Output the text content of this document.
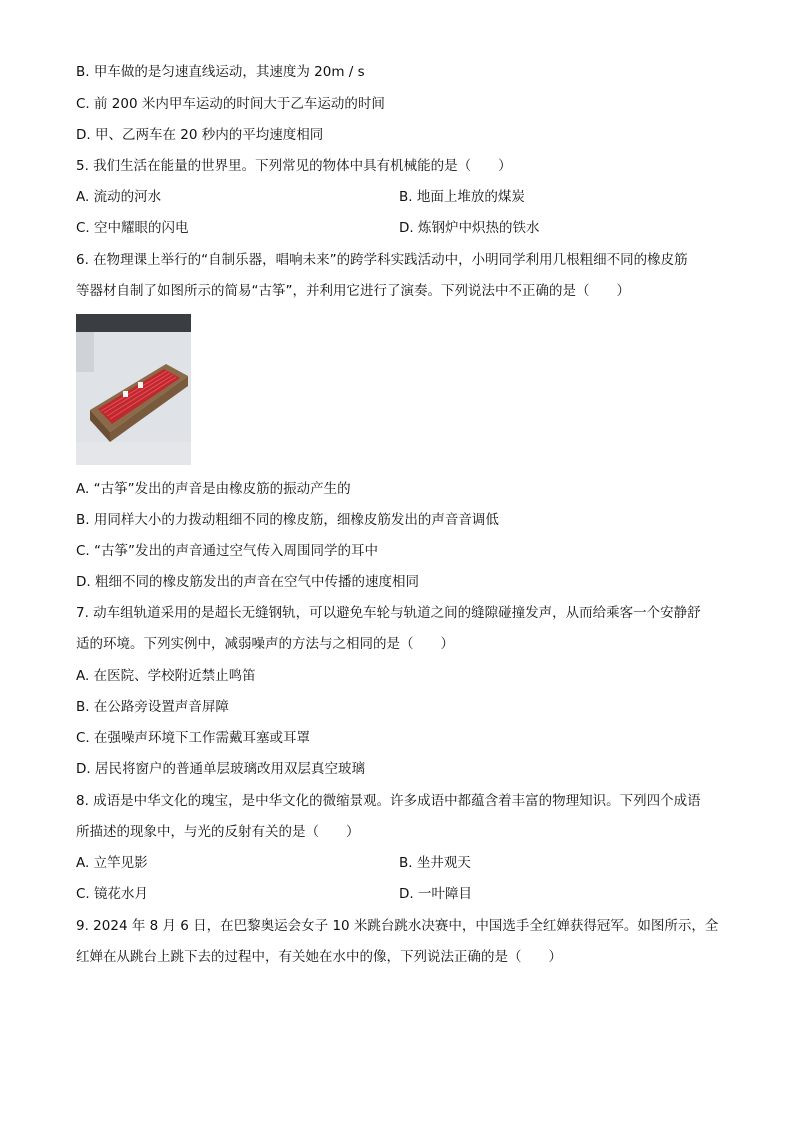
B. 甲车做的是匀速直线运动，其速度为 20m / s
C. 前 200 米内甲车运动的时间大于乙车运动的时间
D. 甲、乙两车在 20 秒内的平均速度相同
5. 我们生活在能量的世界里。下列常见的物体中具有机械能的是（　　）
A. 流动的河水	B. 地面上堆放的煤炭
C. 空中耀眼的闪电	D. 炼钢炉中炽热的铁水
6. 在物理课上举行的“自制乐器，唱响未来”的跨学科实践活动中，小明同学利用几根粗细不同的橡皮筋
等器材自制了如图所示的简易“古筝”，并利用它进行了演奏。下列说法中不正确的是（　　）
A. “古筝”发出的声音是由橡皮筋的振动产生的
B. 用同样大小的力拨动粗细不同的橡皮筋，细橡皮筋发出的声音音调低
C. “古筝”发出的声音通过空气传入周围同学的耳中
D. 粗细不同的橡皮筋发出的声音在空气中传播的速度相同
7. 动车组轨道采用的是超长无缝钢轨，可以避免车轮与轨道之间的缝隙碰撞发声，从而给乘客一个安静舒
适的环境。下列实例中，减弱噪声的方法与之相同的是（　　）
A. 在医院、学校附近禁止鸣笛
B. 在公路旁设置声音屏障
C. 在强噪声环境下工作需戴耳塞或耳罩
D. 居民将窗户的普通单层玻璃改用双层真空玻璃
8. 成语是中华文化的瑰宝，是中华文化的微缩景观。许多成语中都蕴含着丰富的物理知识。下列四个成语
所描述的现象中，与光的反射有关的是（　　）
A. 立竿见影	B. 坐井观天
C. 镜花水月	D. 一叶障目
9. 2024 年 8 月 6 日，在巴黎奥运会女子 10 米跳台跳水决赛中，中国选手全红婵获得冠军。如图所示，全
红婵在从跳台上跳下去的过程中，有关她在水中的像，下列说法正确的是（　　）
